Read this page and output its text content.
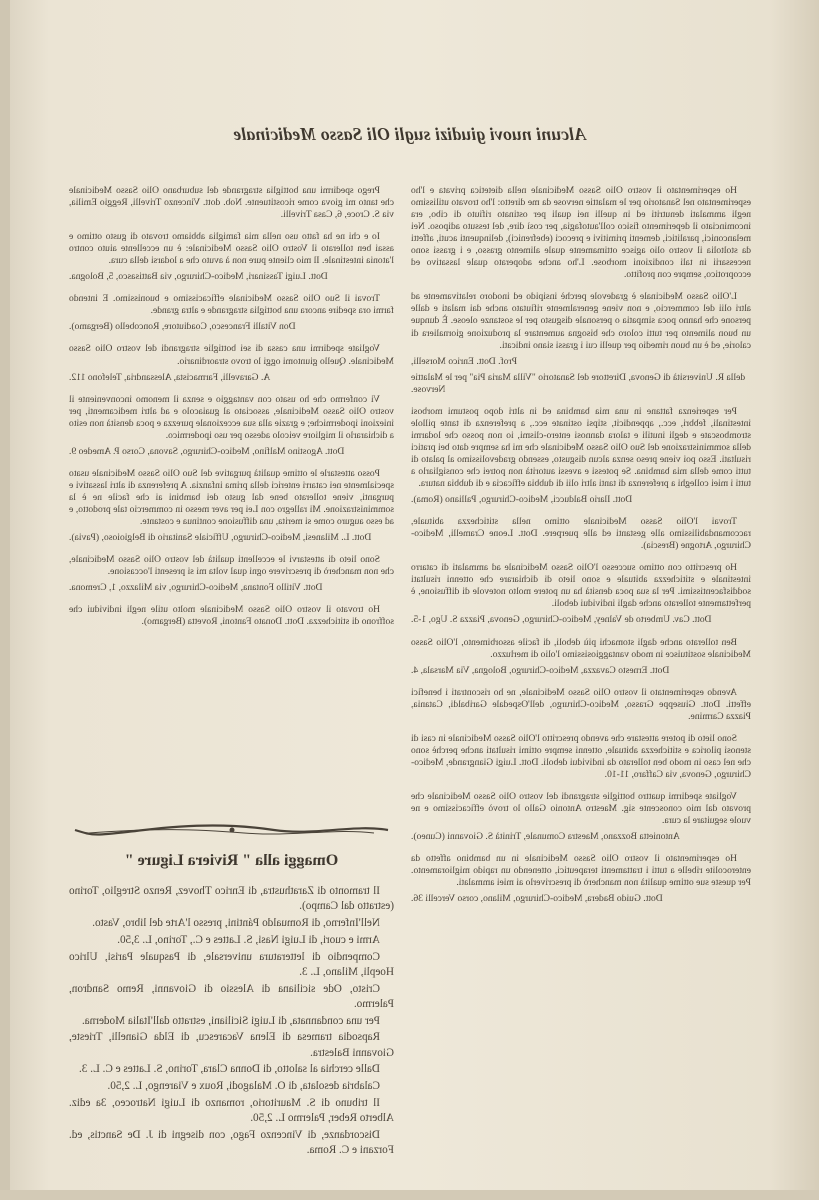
Alcuni nuovi giudizi sugli Oli Sasso Medicinale

Ho esperimentato il vostro Olio Sasso Medicinale nella dietetica privata e l'ho esperimentato nel Sanatorio per le malattie nervose da me diretto: l'ho trovato utilissimo negli ammalati denutriti ed in quelli nei quali per ostinato rifiuto di cibo, era incominciato il deperimento fisico coll'autofagia, per così dire, del tessuto adiposo. Nei melanconici, paralitici, dementi primitivi e precoci (ebefrenici), delinquenti acuti, affetti da stoltolia il vostro olio agisce ottimamente quale alimento grasso, e i grassi sono necessarii in tali condizioni morbose. L'ho anche adoperato quale lassativo ed eccoproticо, sempre con profitto.

L'Olio Sasso Medicinale è gradevole perchè insipido ed inodoro relativamente ad altri olii del commercio, e non viene generalmente rifiutato anche dai malati e dalle persone che hanno poca simpatia o personale disgusto per le sostanze oleose. È dunque un buon alimento per tutti coloro che bisogna aumentare la produzione giornaliera di calorie, ed è un buon rimedio per quelli cui i grassi siano indicati.

Prof. Dott. Enrico Morselli,

della R. Università di Genova, Direttore del Sanatorio "Villa Maria Pia" per le Malattie Nervose.

Per esperienza fattane in una mia bambina ed in altri dopo postumi morbosi intestinali, febbri, ecc., appendicit, stipsi ostinate ecc., a preferenza di tante pillole stromboscate e degli inutili e talora dannosi entero-clismi, io non posso che lodarmi della somministrazione del Suo Olio Sasso Medicinale che mi ha sempre dato bei pratici risultati. Esso poi viene preso senza alcun disgusto, essendo gradevolissimo al palato di tutti come della mia bambina. Se potessi e avessi autorità non potrei che consigliarlo a tutti i miei colleghi a preferenza di tanti altri olii di dubbia efficacia e di dubbia natura.

Dott. Ilario Balducci, Medico-Chirurgo, Palliano (Roma).

Trovai l'Olio Sasso Medicinale ottimo nella stitichezza abituale, raccomandabilissimo alle gestanti ed alle puerpere. Dott. Leone Cramelli, Medico-Chirurgo, Artogne (Brescia).

Ho prescritto con ottimo successo l'Olio Sasso Medicinale ad ammalati di catarro intestinale e stitichezza abituale e sono lieto di dichiarare che ottenni risultati soddisfacentissimi. Per la sua poca densità ha un potere molto notevole di diffusione, è perfettamente tollerato anche dagli individui deboli.

Dott. Cav. Umberto de Valney, Medico-Chirurgo, Genova, Piazza S. Ugo, 1-5.

Ben tollerato anche dagli stomachi più deboli, di facile assorbimento, l'Olio Sasso Medicinale sostituisce in modo vantaggiosissimo l'olio di merluzzo.

Dott. Ernesto Cavazza, Medico-Chirurgo, Bologna, Via Marsala, 4.

Avendo esperimentato il vostro Olio Sasso Medicinale, ne ho riscontrati i benefici effetti. Dott. Giuseppe Grasso, Medico-Chirurgo, dell'Ospedale Garibaldi, Catania, Piazza Carmine.

Sono lieto di potere attestare che avendo prescritto l'Olio Sasso Medicinale in casi di stenosi pilorica e stitichezza abituale, ottenni sempre ottimi risultati anche perchè sono che nel caso in modo ben tollerato da individui deboli. Dott. Luigi Giangrande, Medico-Chirurgo, Genova, via Caffaro, 11-10.

Vogliate spedirmi quattro bottiglie stragrandi del vostro Olio Sasso Medicinale che provato dal mio conoscente sig. Maestro Antonio Gallo lo trovò efficacissimo e ne vuole seguitare la cura.

Antonietta Bozzano, Maestra Comunale, Trinità S. Giovanni (Cuneo).

Ho esperimentato il vostro Olio Sasso Medicinale in un bambino affetto da enterocolite ribelle a tutti i trattamenti terapeutici, ottenendo un rapido miglioramento. Per queste sue ottime qualità non mancherò di prescriverlo ai miei ammalati.

Dott. Guido Badera, Medico-Chirurgo, Milano, corso Vercelli 36.

Prego spedirmi una bottiglia stragrande del suburbano Olio Sasso Medicinale che tanto mi giova come ricostituente. Nob. dott. Vincenzo Trivelli, Reggio Emilia, via S. Croce, 6, Casa Trivelli.

Io e chi ne ha fatto uso nella mia famiglia abbiamo trovato di gusto ottimo e assai ben tollerato il Vostro Olio Sasso Medicinale: è un eccellente aiuto contro l'atonia intestinale. Il mio cliente pure non à avuto che a lodarsi della cura.

Dott. Luigi Tassinari, Medico-Chirurgo, via Battisasco, 5, Bologna.

Trovai il Suo Olio Sasso Medicinale efficacissimo e buonissimo. E intendo farmi ora spedire ancora una bottiglia stragrande e altra grande.

Don Vitalli Francesco, Coadiutore, Roncobello (Bergamo).

Vogliate spedirmi una cassa di sei bottiglie stragrandi del vostro Olio Sasso Medicinale. Quello giuntomi oggi lo trovo straordinario.

A. Garavelli, Farmacista, Alessandria, Telefono 112.

Vi confermo che ho usato con vantaggio e senza il menomo inconveniente il vostro Olio Sasso Medicinale, associato al guaiacolo e ad altri medicamenti, per iniezioni ipodermiche; e grazie alla sua eccezionale purezza e poca densità non esito a dichiararlo il migliore veicolo adesso per uso ipodermico.

Dott. Agostino Malfino, Medico-Chirurgo, Savona, Corso P. Amedeo 9.

Posso attestarle le ottime qualità purgative del Suo Olio Sasso Medicinale usato specialmente nei catarri enterici della prima infanzia. A preferenza di altri lassativi e purganti, viene tollerato bene dal gusto dei bambini ai che facile ne è la somministrazione. Mi rallegro con Lei per aver messo in commercio tale prodotto, e ad esso auguro come si merita, una diffusione continua e costante.

Dott. L. Milanesi, Medico-Chirurgo, Ufficiale Sanitario di Belgioioso, (Pavia).

Sono lieto di attestarvi le eccellenti qualità del vostro Olio Sasso Medicinale, che non mancherò di prescrivere ogni qual volta mi si presenti l'occasione.

Dott. Vitillo Fontana, Medico-Chirurgo, via Milazzo, 1, Cremona.

Ho trovato il vostro Olio Sasso Medicinale molto utile negli individui che soffrono di stitichezza. Dott. Donato Fantoni, Rovetta (Bergamo).

Omaggi alla " Riviera Ligure "

Il tramonto di Zarathustra, di Enrico Thovez, Renzo Streglio, Torino (estratto dal Campo).

Nell'Inferno, di Romualdo Pántini, presso l'Arte del libro, Vasto.

Armi e cuori, di Luigi Nasi, S. Lattes e C., Torino, L. 3,50.

Compendio di letteratura universale, di Pasquale Parisi, Ulrico Hoepli, Milano, L. 3.

Cristo, Ode siciliana di Alessio di Giovanni, Remo Sandron, Palermo.

Per una condannata, di Luigi Siciliani, estratto dall'Italia Moderna.

Rapsodia tramesa di Elena Vacarescu, di Elda Gianelli, Trieste, Giovanni Balestra.

Dalle cerchia al salotto, di Donna Clara, Torino, S. Lattes e C. L. 3.

Calabria desolata, di O. Malagodi, Roux e Viarengo, L. 2,50.

Il tribuno di S. Mauritorio, romanzo di Luigi Natroceo, 3a ediz. Alberto Reber, Palermo L. 2,50.

Discordanze, di Vincenzo Fago, con disegni di J. De Sanctis, ed. Forzani e C. Roma.
